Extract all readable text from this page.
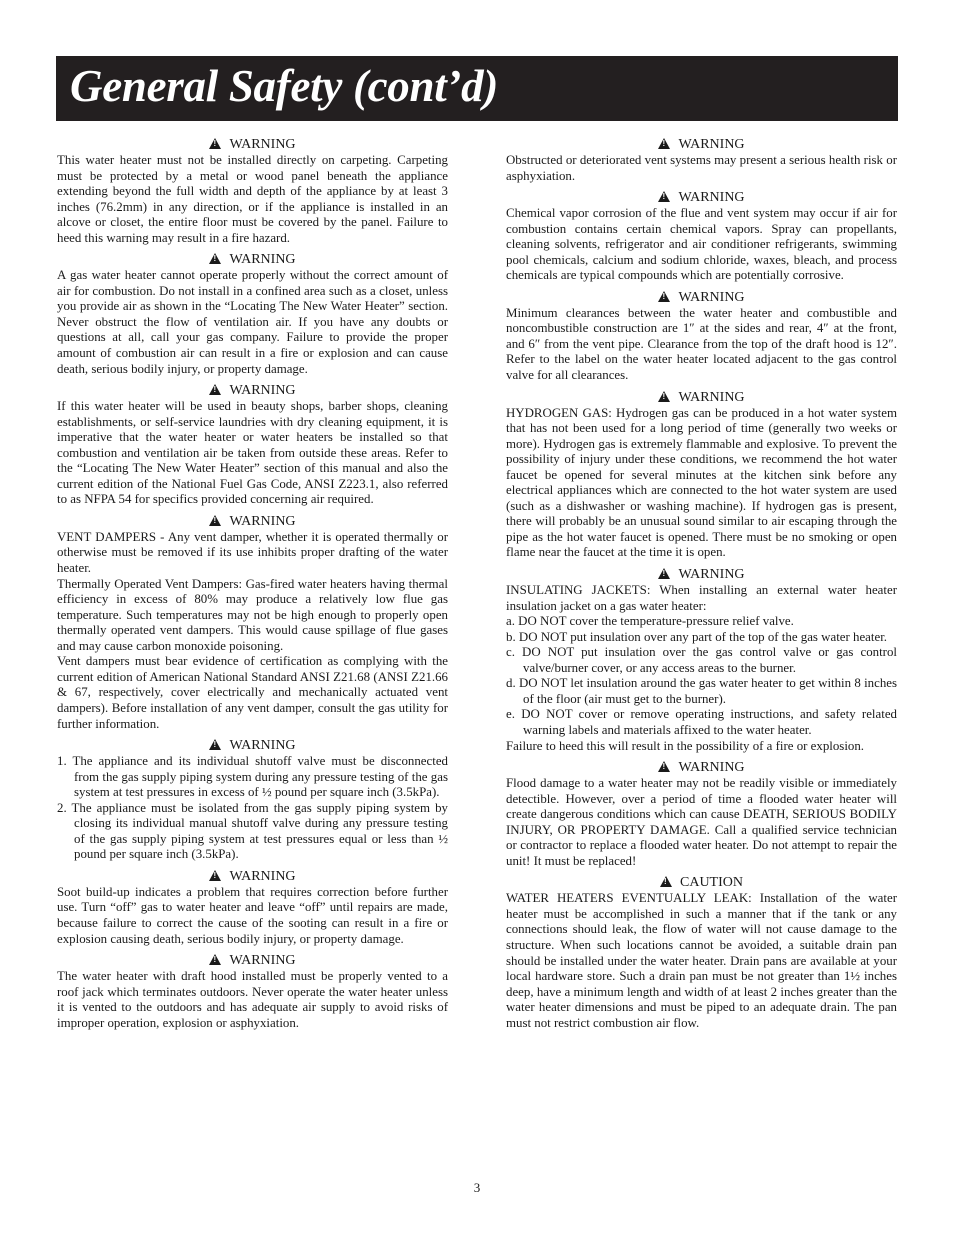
General Safety (cont’d)
!WARNING

This water heater must not be installed directly on carpeting. Carpeting must be protected by a metal or wood panel beneath the appliance extending beyond the full width and depth of the appliance by at least 3 inches (76.2mm) in any direction, or if the appliance is installed in an alcove or closet, the entire floor must be covered by the panel. Failure to heed this warning may result in a fire hazard.

!WARNING

A gas water heater cannot operate properly without the correct amount of air for combustion. Do not install in a confined area such as a closet, unless you provide air as shown in the “Locating The New Water Heater” section. Never obstruct the flow of ventilation air. If you have any doubts or questions at all, call your gas company. Failure to provide the proper amount of combustion air can result in a fire or explosion and can cause death, serious bodily injury, or property damage.

!WARNING

If this water heater will be used in beauty shops, barber shops, cleaning establishments, or self-service laundries with dry cleaning equipment, it is imperative that the water heater or water heaters be installed so that combustion and ventilation air be taken from outside these areas. Refer to the “Locating The New Water Heater” section of this manual and also the current edition of the National Fuel Gas Code, ANSI Z223.1, also referred to as NFPA 54 for specifics provided concerning air required.

!WARNING

VENT DAMPERS - Any vent damper, whether it is operated thermally or otherwise must be removed if its use inhibits proper drafting of the water heater.

Thermally Operated Vent Dampers: Gas-fired water heaters having thermal efficiency in excess of 80% may produce a relatively low flue gas temperature. Such temperatures may not be high enough to properly open thermally operated vent dampers. This would cause spillage of flue gases and may cause carbon monoxide poisoning.

Vent dampers must bear evidence of certification as complying with the current edition of American National Standard ANSI Z21.68 (ANSI Z21.66 & 67, respectively, cover electrically and mechanically actuated vent dampers). Before installation of any vent damper, consult the gas utility for further information.

!WARNING

1. The appliance and its individual shutoff valve must be disconnected from the gas supply piping system during any pressure testing of the gas system at test pressures in excess of ½ pound per square inch (3.5kPa).

2. The appliance must be isolated from the gas supply piping system by closing its individual manual shutoff valve during any pressure testing of the gas supply piping system at test pressures equal or less than ½ pound per square inch (3.5kPa).

!WARNING

Soot build-up indicates a problem that requires correction before further use. Turn “off” gas to water heater and leave “off” until repairs are made, because failure to correct the cause of the sooting can result in a fire or explosion causing death, serious bodily injury, or property damage.

!WARNING

The water heater with draft hood installed must be properly vented to a roof jack which terminates outdoors. Never operate the water heater unless it is vented to the outdoors and has adequate air supply to avoid risks of improper operation, explosion or asphyxiation.

!WARNING

Obstructed or deteriorated vent systems may present a serious health risk or asphyxiation.

!WARNING

Chemical vapor corrosion of the flue and vent system may occur if air for combustion contains certain chemical vapors. Spray can propellants, cleaning solvents, refrigerator and air conditioner refrigerants, swimming pool chemicals, calcium and sodium chloride, waxes, bleach, and process chemicals are typical compounds which are potentially corrosive.

!WARNING

Minimum clearances between the water heater and combustible and noncombustible construction are 1″ at the sides and rear, 4″ at the front, and 6″ from the vent pipe. Clearance from the top of the draft hood is 12″. Refer to the label on the water heater located adjacent to the gas control valve for all clearances.

!WARNING

HYDROGEN GAS: Hydrogen gas can be produced in a hot water system that has not been used for a long period of time (generally two weeks or more). Hydrogen gas is extremely flammable and explosive. To prevent the possibility of injury under these conditions, we recommend the hot water faucet be opened for several minutes at the kitchen sink before any electrical appliances which are connected to the hot water system are used (such as a dishwasher or washing machine). If hydrogen gas is present, there will probably be an unusual sound similar to air escaping through the pipe as the hot water faucet is opened. There must be no smoking or open flame near the faucet at the time it is open.

!WARNING

INSULATING JACKETS: When installing an external water heater insulation jacket on a gas water heater:

a. DO NOT cover the temperature-pressure relief valve.

b. DO NOT put insulation over any part of the top of the gas water heater.

c. DO NOT put insulation over the gas control valve or gas control valve/burner cover, or any access areas to the burner.

d. DO NOT let insulation around the gas water heater to get within 8 inches of the floor (air must get to the burner).

e. DO NOT cover or remove operating instructions, and safety related warning labels and materials affixed to the water heater.

Failure to heed this will result in the possibility of a fire or explosion.

!WARNING

Flood damage to a water heater may not be readily visible or immediately detectible. However, over a period of time a flooded water heater will create dangerous conditions which can cause DEATH, SERIOUS BODILY INJURY, OR PROPERTY DAMAGE. Call a qualified service technician or contractor to replace a flooded water heater. Do not attempt to repair the unit! It must be replaced!

!CAUTION

WATER HEATERS EVENTUALLY LEAK: Installation of the water heater must be accomplished in such a manner that if the tank or any connections should leak, the flow of water will not cause damage to the structure. When such locations cannot be avoided, a suitable drain pan should be installed under the water heater. Drain pans are available at your local hardware store. Such a drain pan must be not greater than 1½ inches deep, have a minimum length and width of at least 2 inches greater than the water heater dimensions and must be piped to an adequate drain. The pan must not restrict combustion air flow.

3
